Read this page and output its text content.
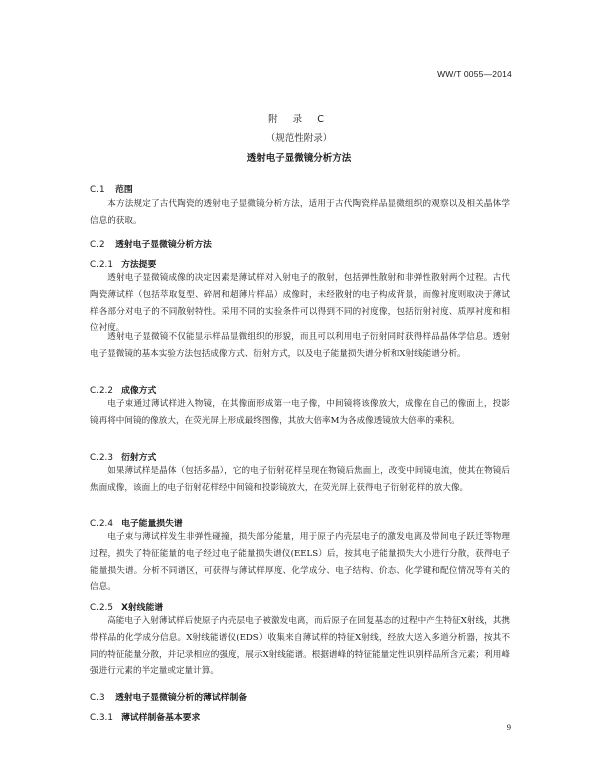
WW/T 0055—2014
附 录 C
（规范性附录）
透射电子显微镜分析方法
C.1 范围

本方法规定了古代陶瓷的透射电子显微镜分析方法，适用于古代陶瓷样品显微组织的观察以及相关晶体学信息的获取。

C.2 透射电子显微镜分析方法
C.2.1 方法提要

透射电子显微镜成像的决定因素是薄试样对入射电子的散射，包括弹性散射和非弹性散射两个过程。古代陶瓷薄试样（包括萃取复型、碎屑和超薄片样品）成像时，未经散射的电子构成背景，而像衬度则取决于薄试样各部分对电子的不同散射特性。采用不同的实验条件可以得到不同的衬度像，包括衍射衬度、质厚衬度和相位衬度。

透射电子显微镜不仅能显示样品显微组织的形貌，而且可以利用电子衍射同时获得样品晶体学信息。透射电子显微镜的基本实验方法包括成像方式、衍射方式，以及电子能量损失谱分析和X射线能谱分析。

C.2.2 成像方式

电子束通过薄试样进入物镜，在其像面形成第一电子像，中间镜将该像放大，成像在自己的像面上，投影镜再将中间镜的像放大，在荧光屏上形成最终图像，其放大倍率M为各成像透镜放大倍率的乘积。

C.2.3 衍射方式

如果薄试样是晶体（包括多晶），它的电子衍射花样呈现在物镜后焦面上，改变中间镜电流，使其在物镜后焦面成像，该面上的电子衍射花样经中间镜和投影镜放大，在荧光屏上获得电子衍射花样的放大像。

C.2.4 电子能量损失谱

电子束与薄试样发生非弹性碰撞，损失部分能量，用于原子内壳层电子的激发电离及带间电子跃迁等物理过程，损失了特征能量的电子经过电子能量损失谱仪(EELS）后，按其电子能量损失大小进行分散，获得电子能量损失谱。分析不同谱区，可获得与薄试样厚度、化学成分、电子结构、价态、化学键和配位情况等有关的信息。

C.2.5 X射线能谱

高能电子入射薄试样后使原子内壳层电子被激发电离，而后原子在回复基态的过程中产生特征X射线，其携带样品的化学成分信息。X射线能谱仪(EDS）收集来自薄试样的特征X射线，经放大送入多道分析器，按其不同的特征能量分散，并记录相应的强度，展示X射线能谱。根据谱峰的特征能量定性识别样品所含元素；利用峰强进行元素的半定量或定量计算。

C.3 透射电子显微镜分析的薄试样制备
C.3.1 薄试样制备基本要求
9
